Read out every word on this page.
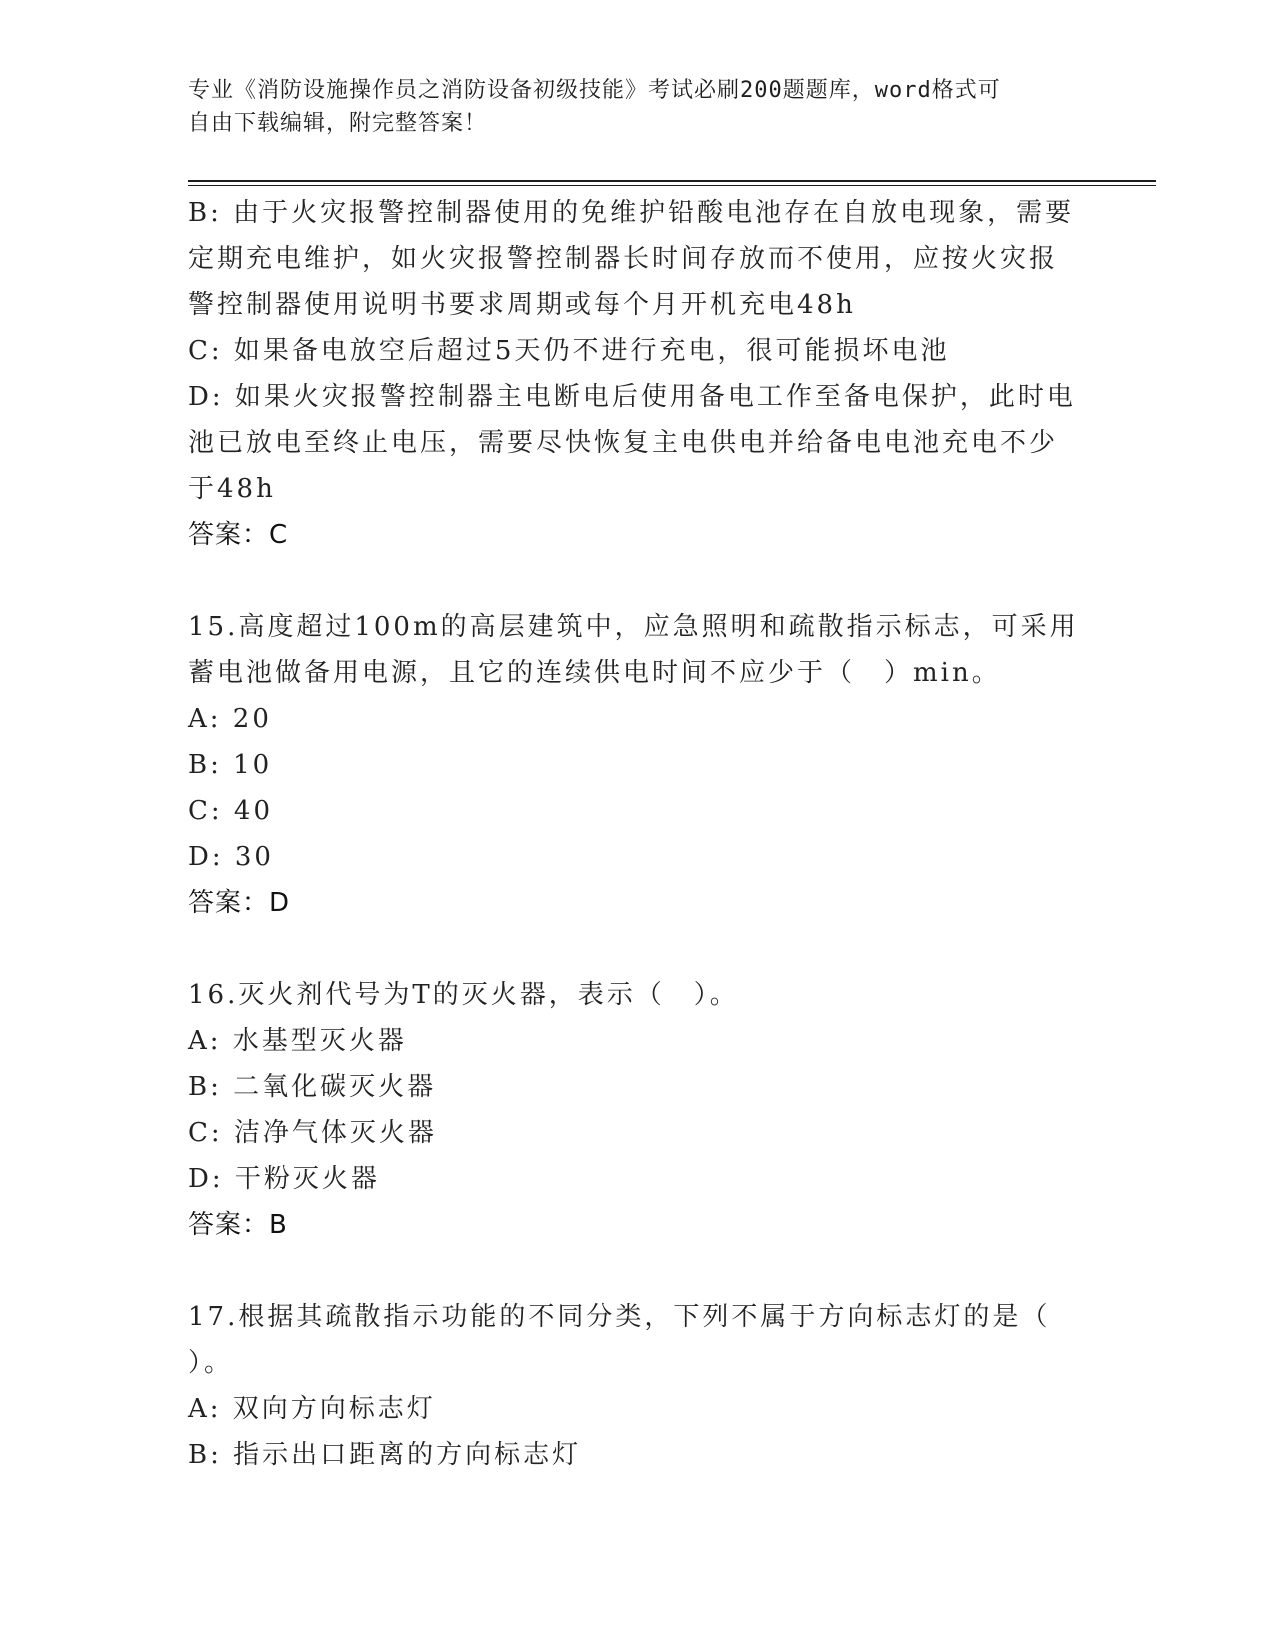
专业《消防设施操作员之消防设备初级技能》考试必刷200题题库，word格式可
自由下载编辑，附完整答案！
B: 由于火灾报警控制器使用的免维护铅酸电池存在自放电现象，需要
定期充电维护，如火灾报警控制器长时间存放而不使用，应按火灾报
警控制器使用说明书要求周期或每个月开机充电48h
C: 如果备电放空后超过5天仍不进行充电，很可能损坏电池
D: 如果火灾报警控制器主电断电后使用备电工作至备电保护，此时电
池已放电至终止电压，需要尽快恢复主电供电并给备电电池充电不少
于48h
答案：C
15.高度超过100m的高层建筑中，应急照明和疏散指示标志，可采用
蓄电池做备用电源，且它的连续供电时间不应少于（　）min。
A: 20
B: 10
C: 40
D: 30
答案：D
16.灭火剂代号为T的灭火器，表示（　）。
A: 水基型灭火器
B: 二氧化碳灭火器
C: 洁净气体灭火器
D: 干粉灭火器
答案：B
17.根据其疏散指示功能的不同分类，下列不属于方向标志灯的是（
）。
A: 双向方向标志灯
B: 指示出口距离的方向标志灯
